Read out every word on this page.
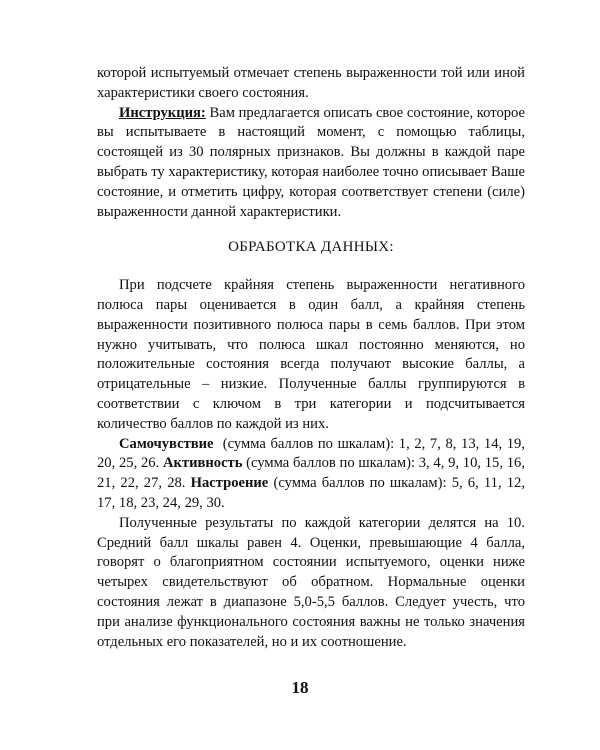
которой испытуемый отмечает степень выраженности той или иной характеристики своего состояния.

Инструкция: Вам предлагается описать свое состояние, которое вы испытываете в настоящий момент, с помощью таблицы, состоящей из 30 полярных признаков. Вы должны в каждой паре выбрать ту характеристику, которая наиболее точно описывает Ваше состояние, и отметить цифру, которая соответствует степени (силе) выраженности данной характеристики.

ОБРАБОТКА ДАННЫХ:

При подсчете крайняя степень выраженности негативного полюса пары оценивается в один балл, а крайняя степень выраженности позитивного полюса пары в семь баллов. При этом нужно учитывать, что полюса шкал постоянно меняются, но положительные состояния всегда получают высокие баллы, а отрицательные – низкие. Полученные баллы группируются в соответствии с ключом в три категории и подсчитывается количество баллов по каждой из них.

Самочувствие  (сумма баллов по шкалам): 1, 2, 7, 8, 13, 14, 19, 20, 25, 26. Активность (сумма баллов по шкалам): 3, 4, 9, 10, 15, 16, 21, 22, 27, 28. Настроение (сумма баллов по шкалам): 5, 6, 11, 12, 17, 18, 23, 24, 29, 30.

Полученные результаты по каждой категории делятся на 10. Средний балл шкалы равен 4. Оценки, превышающие 4 балла, говорят о благоприятном состоянии испытуемого, оценки ниже четырех свидетельствуют об обратном. Нормальные оценки состояния лежат в диапазоне 5,0-5,5 баллов. Следует учесть, что при анализе функционального состояния важны не только значения отдельных его показателей, но и их соотношение.

18
